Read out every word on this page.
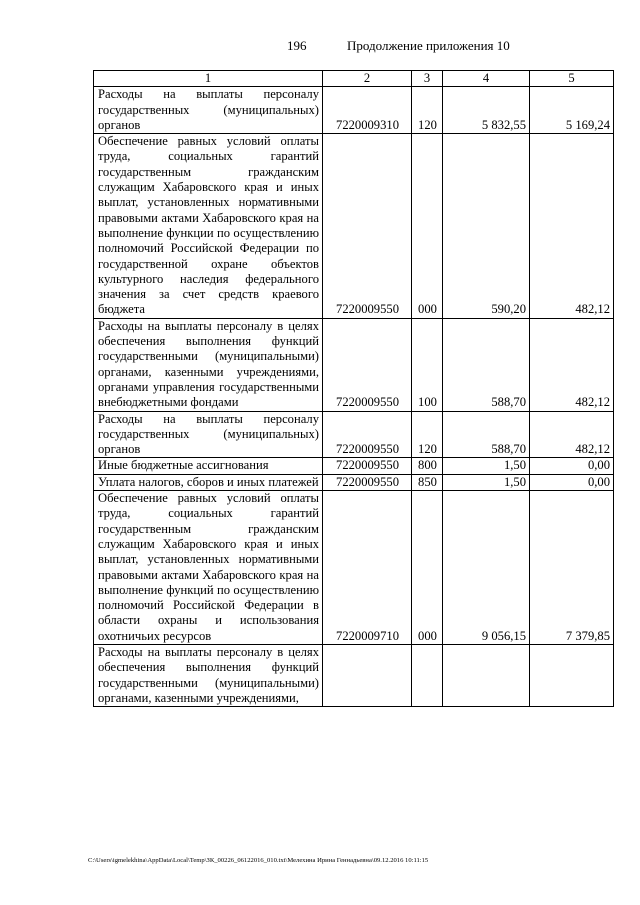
196	Продолжение приложения 10
1	2	3	4	5
Расходы на выплаты персоналу государственных (муниципальных) органов	7220009310	120	5 832,55	5 169,24
Обеспечение равных условий оплаты труда, социальных гарантий государственным гражданским служащим Хабаровского края и иных выплат, установленных нормативными правовыми актами Хабаровского края на выполнение функции по осуществлению полномочий Российской Федерации по государственной охране объектов культурного наследия федерального значения за счет средств краевого бюджета	7220009550	000	590,20	482,12
Расходы на выплаты персоналу в целях обеспечения выполнения функций государственными (муниципальными) органами, казенными учреждениями, органами управления государственными внебюджетными фондами	7220009550	100	588,70	482,12
Расходы на выплаты персоналу государственных (муниципальных) органов	7220009550	120	588,70	482,12
Иные бюджетные ассигнования	7220009550	800	1,50	0,00
Уплата налогов, сборов и иных платежей	7220009550	850	1,50	0,00
Обеспечение равных условий оплаты труда, социальных гарантий государственным гражданским служащим Хабаровского края и иных выплат, установленных нормативными правовыми актами Хабаровского края на выполнение функций по осуществлению полномочий Российской Федерации в области охраны и использования охотничьих ресурсов	7220009710	000	9 056,15	7 379,85
Расходы на выплаты персоналу в целях обеспечения выполнения функций государственными (муниципальными) органами, казенными учреждениями,				
C:\Users\igmelekhina\AppData\Local\Temp\ЗК_00226_06122016_010.txt\Мелехина Ирина Геннадьевна\09.12.2016 10:11:15
